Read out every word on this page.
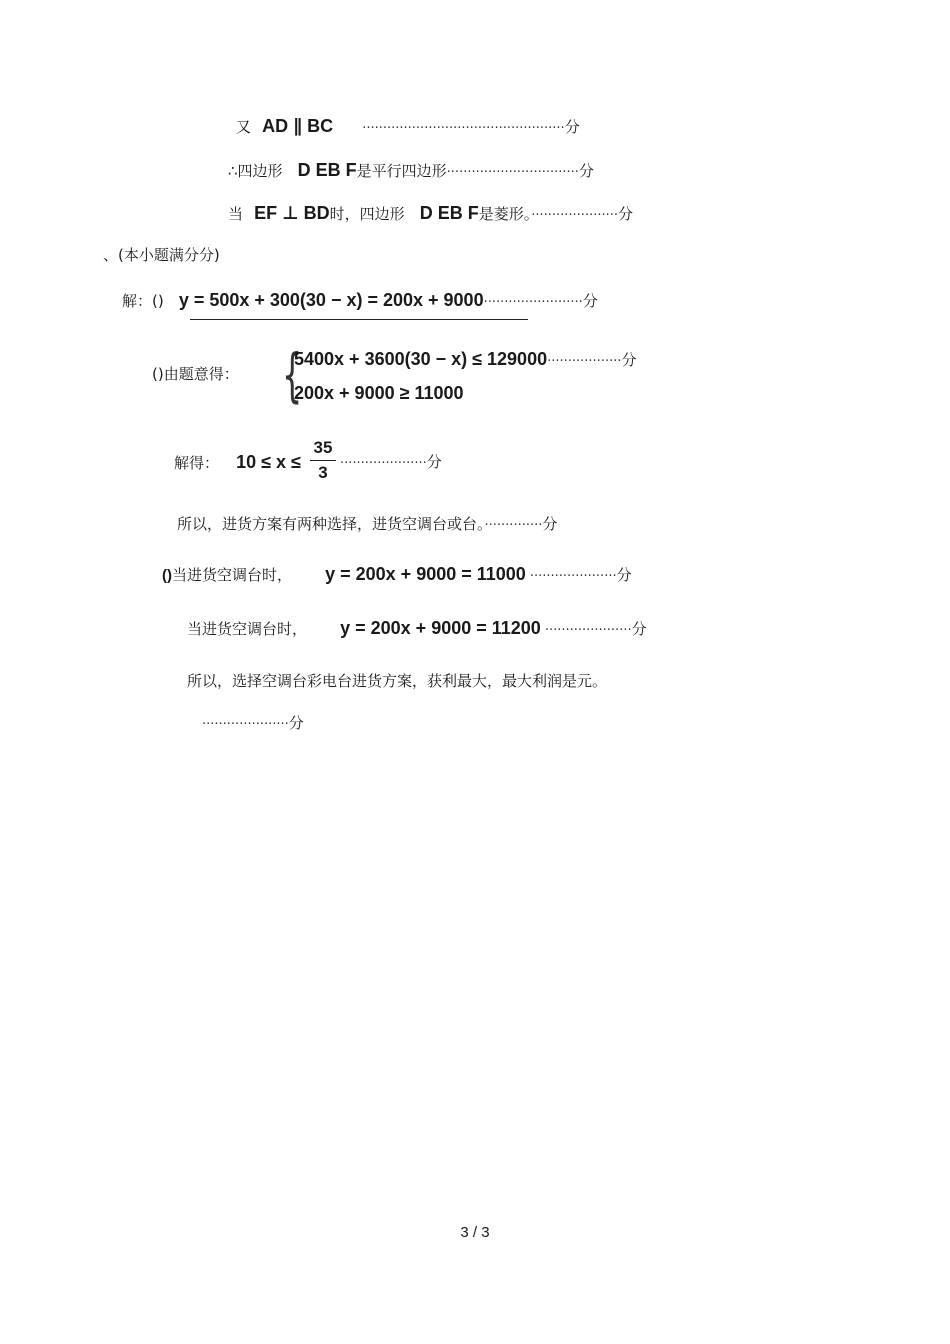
又 AD ∥ BC ·················································分
∴四边形 D EB F是平行四边形································分
当 EF ⊥ BD时，四边形 D EB F是菱形。·····················分
、(本小题满分分)
解：() y = 500x + 300(30 − x) = 200x + 9000························分
()由题意得： {
5400x + 3600(30 − x) ≤ 129000··················分
200x + 9000 ≥ 11000
解得： 10 ≤ x ≤
35
3 ·····················分
所以，进货方案有两种选择，进货空调台或台。··············分
()当进货空调台时， y = 200x + 9000 = 11000 ·····················分
当进货空调台时， y = 200x + 9000 = 11200 ·····················分
所以，选择空调台彩电台进货方案，获利最大，最大利润是元。
·····················分
3 / 3
